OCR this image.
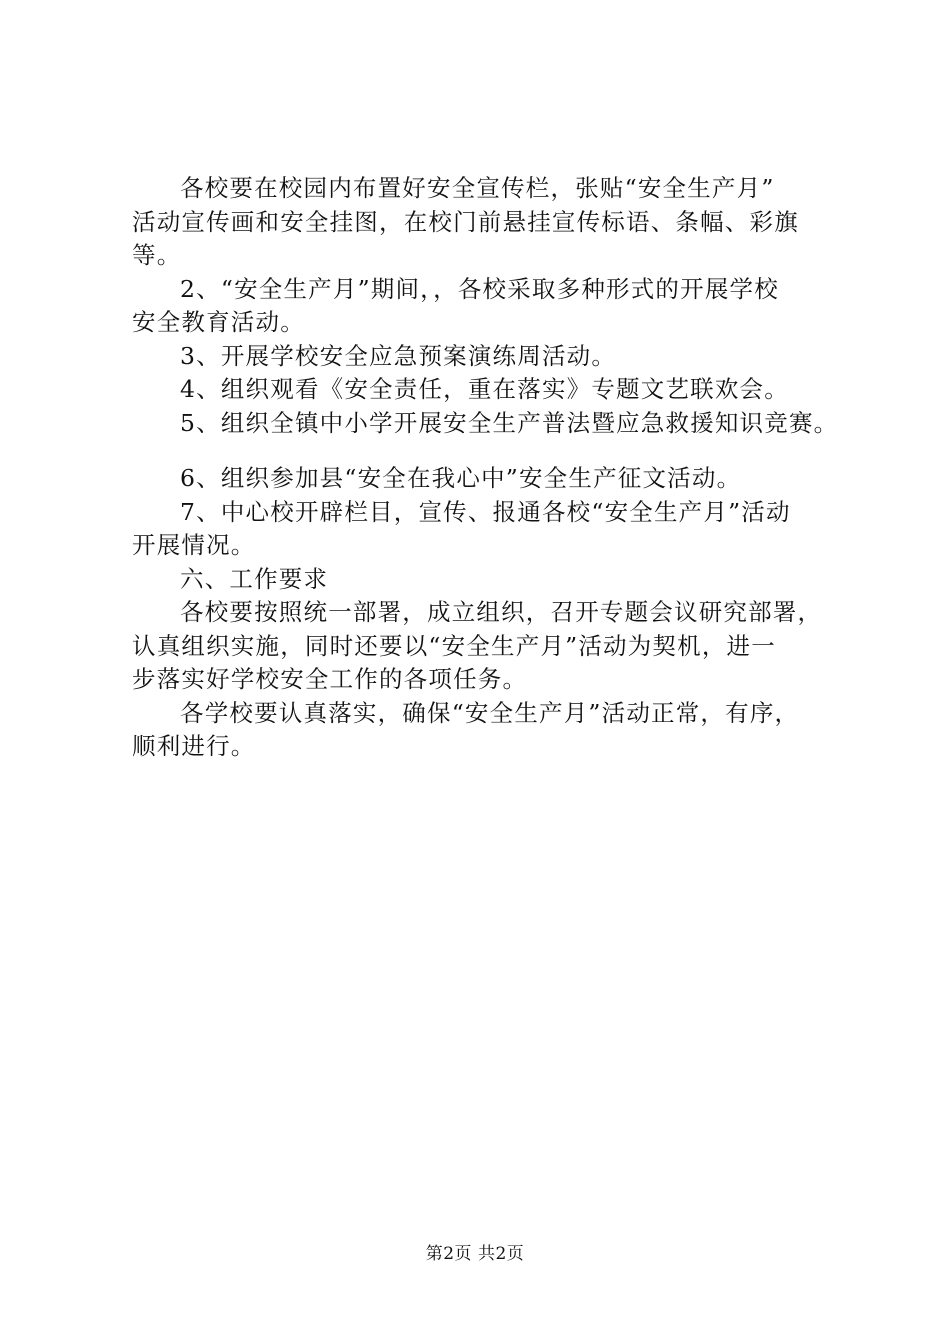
各校要在校园内布置好安全宣传栏，张贴“安全生产月”
活动宣传画和安全挂图，在校门前悬挂宣传标语、条幅、彩旗
等。
2、“安全生产月”期间，，各校采取多种形式的开展学校
安全教育活动。
3、开展学校安全应急预案演练周活动。
4、组织观看《安全责任，重在落实》专题文艺联欢会。
5、组织全镇中小学开展安全生产普法暨应急救援知识竞赛。
6、组织参加县“安全在我心中”安全生产征文活动。
7、中心校开辟栏目，宣传、报通各校“安全生产月”活动
开展情况。
六、工作要求
各校要按照统一部署，成立组织，召开专题会议研究部署，
认真组织实施，同时还要以“安全生产月”活动为契机，进一
步落实好学校安全工作的各项任务。
各学校要认真落实，确保“安全生产月”活动正常，有序，
顺利进行。
第2页 共2页
